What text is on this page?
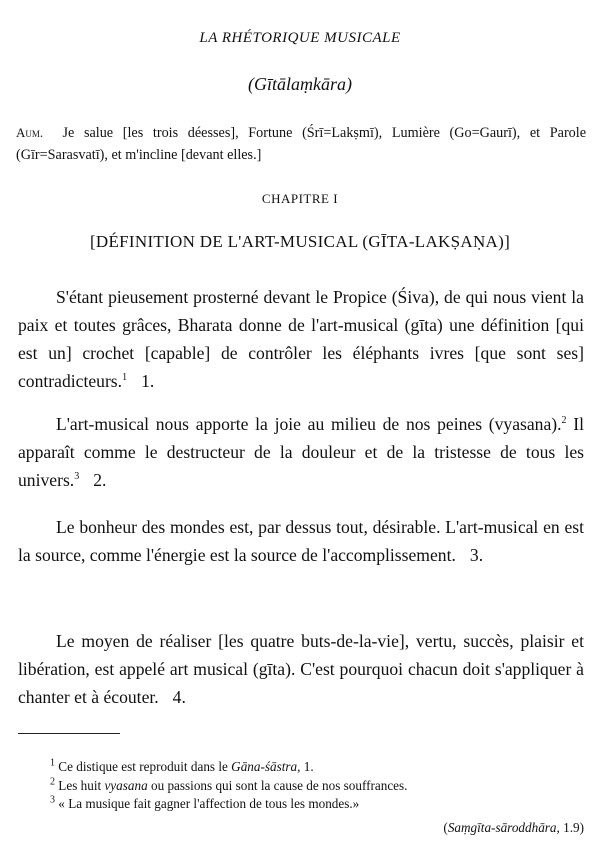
LA RHÉTORIQUE MUSICALE
(Gītālaṃkāra)
Aum. Je salue [les trois déesses], Fortune (Śrī=Lakṣmī), Lumière (Go=Gaurī), et Parole (Gīr=Sarasvatī), et m'incline [devant elles.]
CHAPITRE I
[DÉFINITION DE L'ART-MUSICAL (GĪTA-LAKṢAṆA)]
S'étant pieusement prosterné devant le Propice (Śiva), de qui nous vient la paix et toutes grâces, Bharata donne de l'art-musical (gīta) une définition [qui est un] crochet [capable] de contrôler les éléphants ivres [que sont ses] contradicteurs.$^1$ 1.
L'art-musical nous apporte la joie au milieu de nos peines (vyasana).$^2$ Il apparaît comme le destructeur de la douleur et de la tristesse de tous les univers.$^3$ 2.
Le bonheur des mondes est, par dessus tout, désirable. L'art-musical en est la source, comme l'énergie est la source de l'accomplissement. 3.
Le moyen de réaliser [les quatre buts-de-la-vie], vertu, succès, plaisir et libération, est appelé art musical (gīta). C'est pourquoi chacun doit s'appliquer à chanter et à écouter. 4.
$^1$ Ce distique est reproduit dans le Gāna-śāstra, 1.
$^2$ Les huit vyasana ou passions qui sont la cause de nos souffrances.
$^3$ « La musique fait gagner l'affection de tous les mondes.»
(Saṃgīta-sāroddhāra, 1.9)
